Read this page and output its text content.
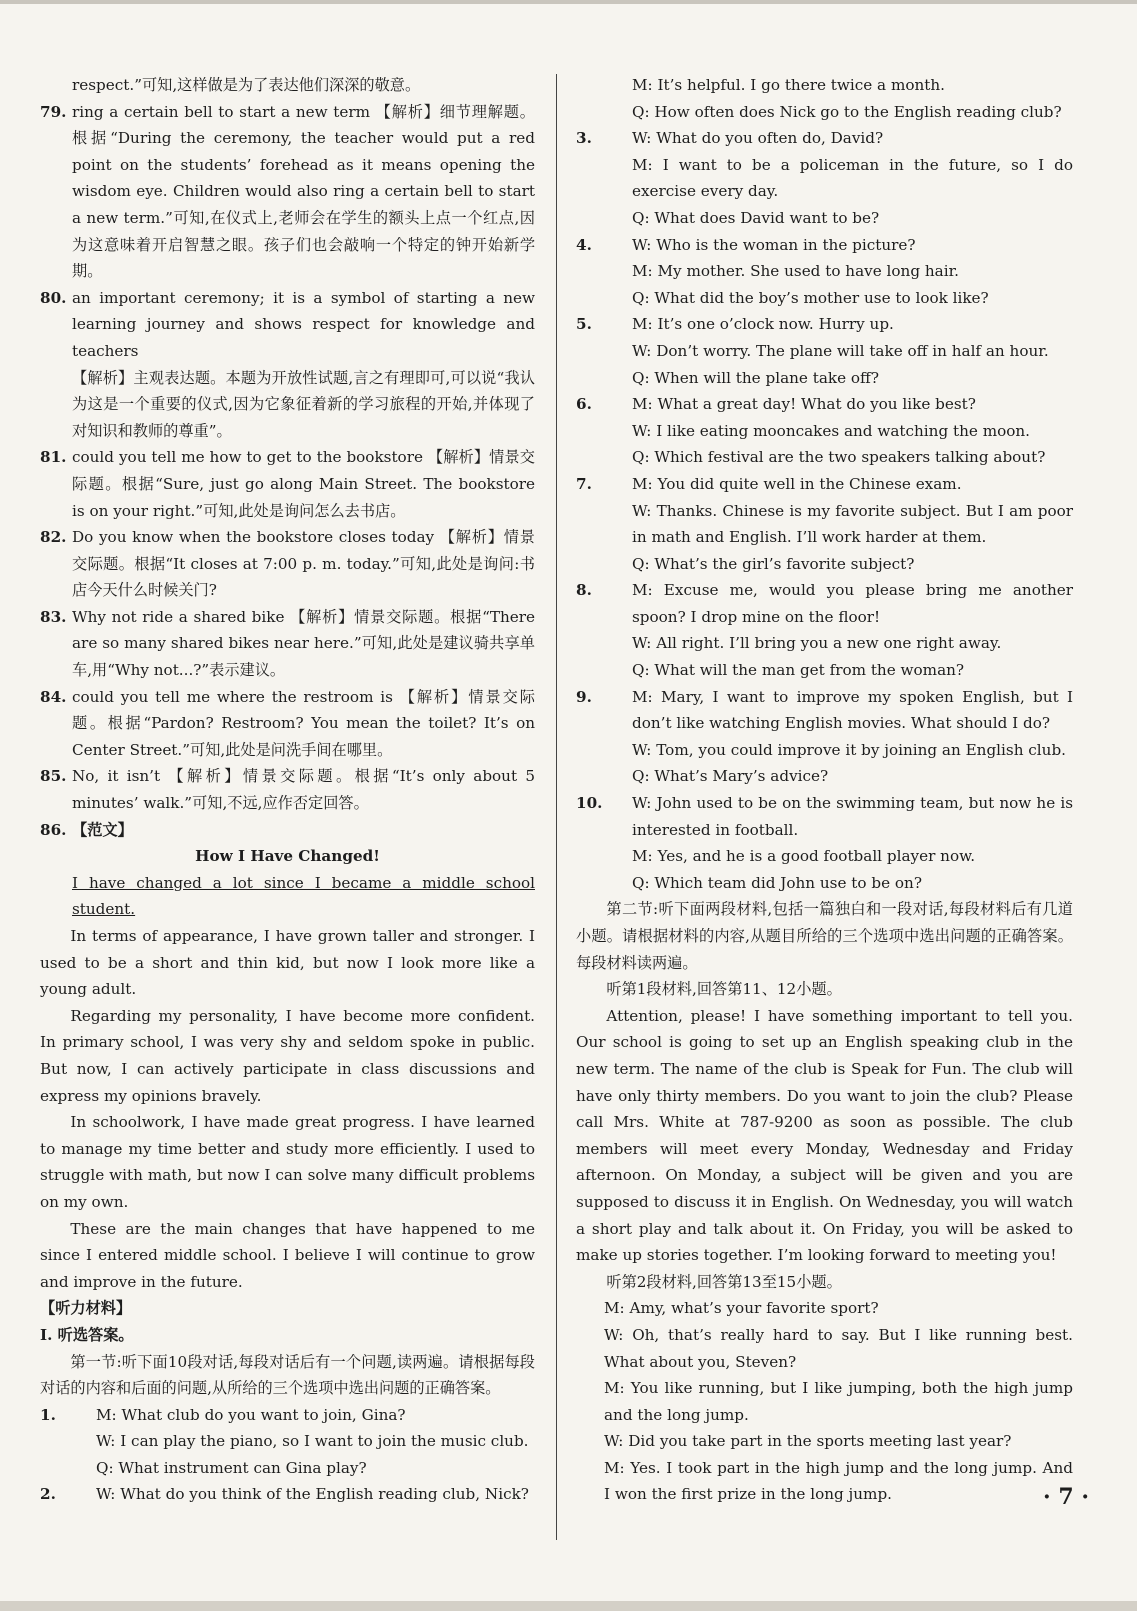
respect.”可知,这样做是为了表达他们深深的敬意。

79. ring a certain bell to start a new term 【解析】细节理解题。根据“During the ceremony, the teacher would put a red point on the students’ forehead as it means opening the wisdom eye. Children would also ring a certain bell to start a new term.”可知,在仪式上,老师会在学生的额头上点一个红点,因为这意味着开启智慧之眼。孩子们也会敲响一个特定的钟开始新学期。

80. an important ceremony; it is a symbol of starting a new learning journey and shows respect for knowledge and teachers

【解析】主观表达题。本题为开放性试题,言之有理即可,可以说“我认为这是一个重要的仪式,因为它象征着新的学习旅程的开始,并体现了对知识和教师的尊重”。

81. could you tell me how to get to the bookstore 【解析】情景交际题。根据“Sure, just go along Main Street. The bookstore is on your right.”可知,此处是询问怎么去书店。

82. Do you know when the bookstore closes today 【解析】情景交际题。根据“It closes at 7:00 p. m. today.”可知,此处是询问:书店今天什么时候关门?

83. Why not ride a shared bike 【解析】情景交际题。根据“There are so many shared bikes near here.”可知,此处是建议骑共享单车,用“Why not...?”表示建议。

84. could you tell me where the restroom is 【解析】情景交际题。根据“Pardon? Restroom? You mean the toilet? It’s on Center Street.”可知,此处是问洗手间在哪里。

85. No, it isn’t 【解析】情景交际题。根据“It’s only about 5 minutes’ walk.”可知,不远,应作否定回答。

86. 【范文】

How I Have Changed!

I have changed a lot since I became a middle school student.

In terms of appearance, I have grown taller and stronger. I used to be a short and thin kid, but now I look more like a young adult.

Regarding my personality, I have become more confident. In primary school, I was very shy and seldom spoke in public. But now, I can actively participate in class discussions and express my opinions bravely.

In schoolwork, I have made great progress. I have learned to manage my time better and study more efficiently. I used to struggle with math, but now I can solve many difficult problems on my own.

These are the main changes that have happened to me since I entered middle school. I believe I will continue to grow and improve in the future.

【听力材料】

I. 听选答案。

第一节:听下面10段对话,每段对话后有一个问题,读两遍。请根据每段对话的内容和后面的问题,从所给的三个选项中选出问题的正确答案。

1.	M: What club do you want to join, Gina?

W: I can play the piano, so I want to join the music club.

Q: What instrument can Gina play?

2.	W: What do you think of the English reading club, Nick?

M: It’s helpful. I go there twice a month.

Q: How often does Nick go to the English reading club?

3.	W: What do you often do, David?

M: I want to be a policeman in the future, so I do exercise every day.

Q: What does David want to be?

4.	W: Who is the woman in the picture?

M: My mother. She used to have long hair.

Q: What did the boy’s mother use to look like?

5.	M: It’s one o’clock now. Hurry up.

W: Don’t worry. The plane will take off in half an hour.

Q: When will the plane take off?

6.	M: What a great day! What do you like best?

W: I like eating mooncakes and watching the moon.

Q: Which festival are the two speakers talking about?

7.	M: You did quite well in the Chinese exam.

W: Thanks. Chinese is my favorite subject. But I am poor in math and English. I’ll work harder at them.

Q: What’s the girl’s favorite subject?

8.	M: Excuse me, would you please bring me another spoon? I drop mine on the floor!

W: All right. I’ll bring you a new one right away.

Q: What will the man get from the woman?

9.	M: Mary, I want to improve my spoken English, but I don’t like watching English movies. What should I do?

W: Tom, you could improve it by joining an English club.

Q: What’s Mary’s advice?

10. W: John used to be on the swimming team, but now he is interested in football.

M: Yes, and he is a good football player now.

Q: Which team did John use to be on?

第二节:听下面两段材料,包括一篇独白和一段对话,每段材料后有几道小题。请根据材料的内容,从题目所给的三个选项中选出问题的正确答案。每段材料读两遍。

听第1段材料,回答第11、12小题。

Attention, please! I have something important to tell you. Our school is going to set up an English speaking club in the new term. The name of the club is Speak for Fun. The club will have only thirty members. Do you want to join the club? Please call Mrs. White at 787-9200 as soon as possible. The club members will meet every Monday, Wednesday and Friday afternoon. On Monday, a subject will be given and you are supposed to discuss it in English. On Wednesday, you will watch a short play and talk about it. On Friday, you will be asked to make up stories together. I’m looking forward to meeting you!

听第2段材料,回答第13至15小题。

M: Amy, what’s your favorite sport?

W: Oh, that’s really hard to say. But I like running best. What about you, Steven?

M: You like running, but I like jumping, both the high jump and the long jump.

W: Did you take part in the sports meeting last year?

M: Yes. I took part in the high jump and the long jump. And I won the first prize in the long jump.	· 7 ·
